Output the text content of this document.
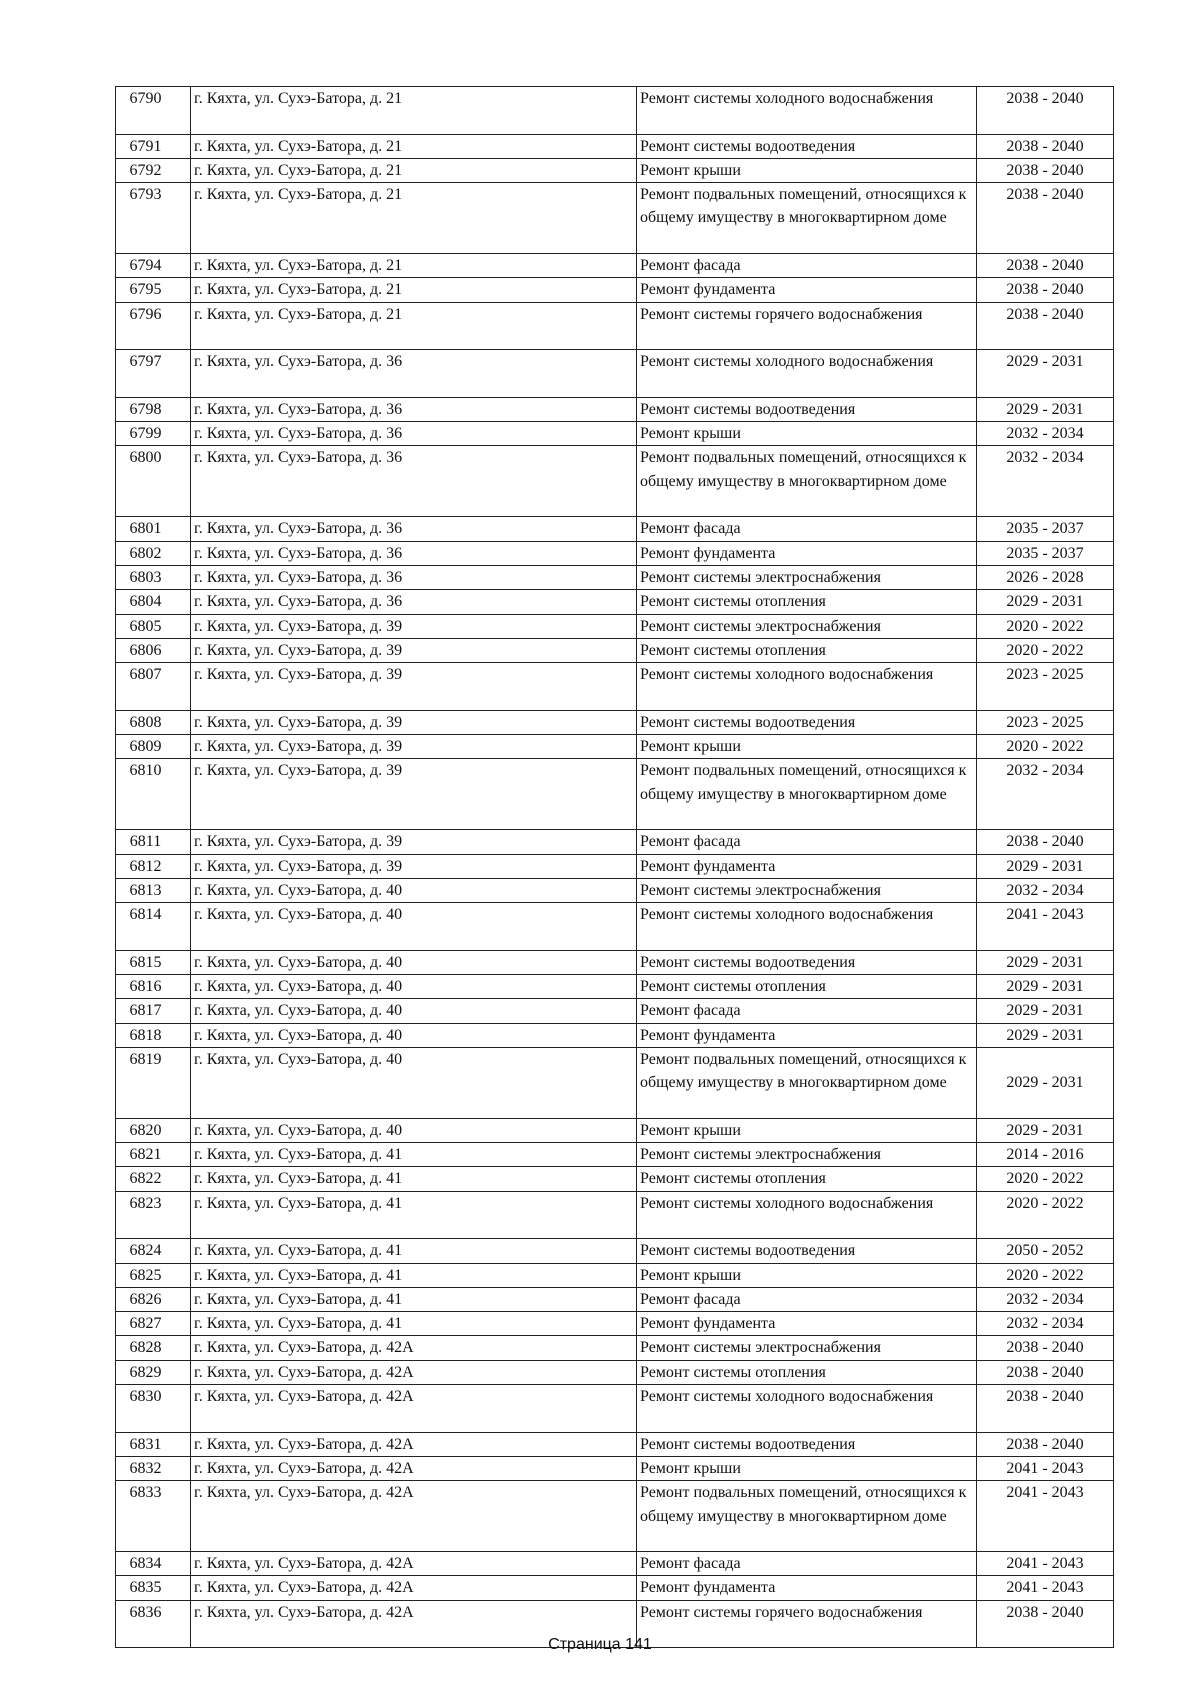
6790	г. Кяхта, ул. Сухэ-Батора, д. 21	Ремонт системы холодного водоснабжения	2038 - 2040
6791	г. Кяхта, ул. Сухэ-Батора, д. 21	Ремонт системы водоотведения	2038 - 2040
6792	г. Кяхта, ул. Сухэ-Батора, д. 21	Ремонт крыши	2038 - 2040
6793	г. Кяхта, ул. Сухэ-Батора, д. 21	Ремонт подвальных помещений, относящихся к общему имуществу в многоквартирном доме	2038 - 2040
6794	г. Кяхта, ул. Сухэ-Батора, д. 21	Ремонт фасада	2038 - 2040
6795	г. Кяхта, ул. Сухэ-Батора, д. 21	Ремонт фундамента	2038 - 2040
6796	г. Кяхта, ул. Сухэ-Батора, д. 21	Ремонт системы горячего водоснабжения	2038 - 2040
6797	г. Кяхта, ул. Сухэ-Батора, д. 36	Ремонт системы холодного водоснабжения	2029 - 2031
6798	г. Кяхта, ул. Сухэ-Батора, д. 36	Ремонт системы водоотведения	2029 - 2031
6799	г. Кяхта, ул. Сухэ-Батора, д. 36	Ремонт крыши	2032 - 2034
6800	г. Кяхта, ул. Сухэ-Батора, д. 36	Ремонт подвальных помещений, относящихся к общему имуществу в многоквартирном доме	2032 - 2034
6801	г. Кяхта, ул. Сухэ-Батора, д. 36	Ремонт фасада	2035 - 2037
6802	г. Кяхта, ул. Сухэ-Батора, д. 36	Ремонт фундамента	2035 - 2037
6803	г. Кяхта, ул. Сухэ-Батора, д. 36	Ремонт системы электроснабжения	2026 - 2028
6804	г. Кяхта, ул. Сухэ-Батора, д. 36	Ремонт системы отопления	2029 - 2031
6805	г. Кяхта, ул. Сухэ-Батора, д. 39	Ремонт системы электроснабжения	2020 - 2022
6806	г. Кяхта, ул. Сухэ-Батора, д. 39	Ремонт системы отопления	2020 - 2022
6807	г. Кяхта, ул. Сухэ-Батора, д. 39	Ремонт системы холодного водоснабжения	2023 - 2025
6808	г. Кяхта, ул. Сухэ-Батора, д. 39	Ремонт системы водоотведения	2023 - 2025
6809	г. Кяхта, ул. Сухэ-Батора, д. 39	Ремонт крыши	2020 - 2022
6810	г. Кяхта, ул. Сухэ-Батора, д. 39	Ремонт подвальных помещений, относящихся к общему имуществу в многоквартирном доме	2032 - 2034
6811	г. Кяхта, ул. Сухэ-Батора, д. 39	Ремонт фасада	2038 - 2040
6812	г. Кяхта, ул. Сухэ-Батора, д. 39	Ремонт фундамента	2029 - 2031
6813	г. Кяхта, ул. Сухэ-Батора, д. 40	Ремонт системы электроснабжения	2032 - 2034
6814	г. Кяхта, ул. Сухэ-Батора, д. 40	Ремонт системы холодного водоснабжения	2041 - 2043
6815	г. Кяхта, ул. Сухэ-Батора, д. 40	Ремонт системы водоотведения	2029 - 2031
6816	г. Кяхта, ул. Сухэ-Батора, д. 40	Ремонт системы отопления	2029 - 2031
6817	г. Кяхта, ул. Сухэ-Батора, д. 40	Ремонт фасада	2029 - 2031
6818	г. Кяхта, ул. Сухэ-Батора, д. 40	Ремонт фундамента	2029 - 2031
6819	г. Кяхта, ул. Сухэ-Батора, д. 40	Ремонт подвальных помещений, относящихся к общему имуществу в многоквартирном доме	2029 - 2031
6820	г. Кяхта, ул. Сухэ-Батора, д. 40	Ремонт крыши	2029 - 2031
6821	г. Кяхта, ул. Сухэ-Батора, д. 41	Ремонт системы электроснабжения	2014 - 2016
6822	г. Кяхта, ул. Сухэ-Батора, д. 41	Ремонт системы отопления	2020 - 2022
6823	г. Кяхта, ул. Сухэ-Батора, д. 41	Ремонт системы холодного водоснабжения	2020 - 2022
6824	г. Кяхта, ул. Сухэ-Батора, д. 41	Ремонт системы водоотведения	2050 - 2052
6825	г. Кяхта, ул. Сухэ-Батора, д. 41	Ремонт крыши	2020 - 2022
6826	г. Кяхта, ул. Сухэ-Батора, д. 41	Ремонт фасада	2032 - 2034
6827	г. Кяхта, ул. Сухэ-Батора, д. 41	Ремонт фундамента	2032 - 2034
6828	г. Кяхта, ул. Сухэ-Батора, д. 42А	Ремонт системы электроснабжения	2038 - 2040
6829	г. Кяхта, ул. Сухэ-Батора, д. 42А	Ремонт системы отопления	2038 - 2040
6830	г. Кяхта, ул. Сухэ-Батора, д. 42А	Ремонт системы холодного водоснабжения	2038 - 2040
6831	г. Кяхта, ул. Сухэ-Батора, д. 42А	Ремонт системы водоотведения	2038 - 2040
6832	г. Кяхта, ул. Сухэ-Батора, д. 42А	Ремонт крыши	2041 - 2043
6833	г. Кяхта, ул. Сухэ-Батора, д. 42А	Ремонт подвальных помещений, относящихся к общему имуществу в многоквартирном доме	2041 - 2043
6834	г. Кяхта, ул. Сухэ-Батора, д. 42А	Ремонт фасада	2041 - 2043
6835	г. Кяхта, ул. Сухэ-Батора, д. 42А	Ремонт фундамента	2041 - 2043
6836	г. Кяхта, ул. Сухэ-Батора, д. 42А	Ремонт системы горячего водоснабжения	2038 - 2040
Страница 141
